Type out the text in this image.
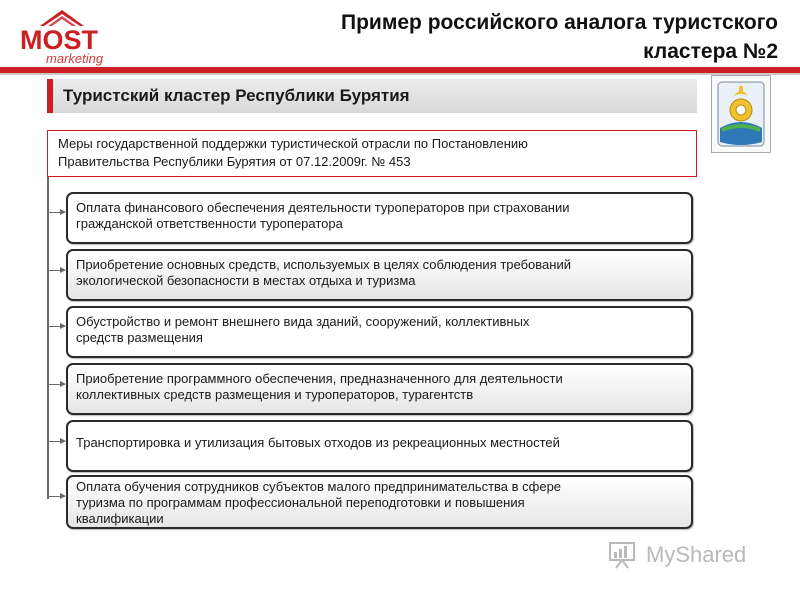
MOST
marketing
Пример российского аналога туристского
кластера №2
Туристский кластер Республики Бурятия
Меры государственной поддержки туристической отрасли по Постановлению
Правительства Республики Бурятия от 07.12.2009г. № 453
Оплата финансового обеспечения деятельности туроператоров при страховании
гражданской ответственности туроператора
Приобретение основных средств, используемых в целях соблюдения требований
экологической безопасности в местах отдыха и туризма
Обустройство и ремонт внешнего вида зданий, сооружений, коллективных
средств размещения
Приобретение программного обеспечения, предназначенного для деятельности
коллективных средств размещения и туроператоров, турагентств
Транспортировка и утилизация бытовых отходов из рекреационных местностей
Оплата обучения сотрудников субъектов малого предпринимательства в сфере
туризма по программам профессиональной переподготовки и повышения
квалификации
MyShared
